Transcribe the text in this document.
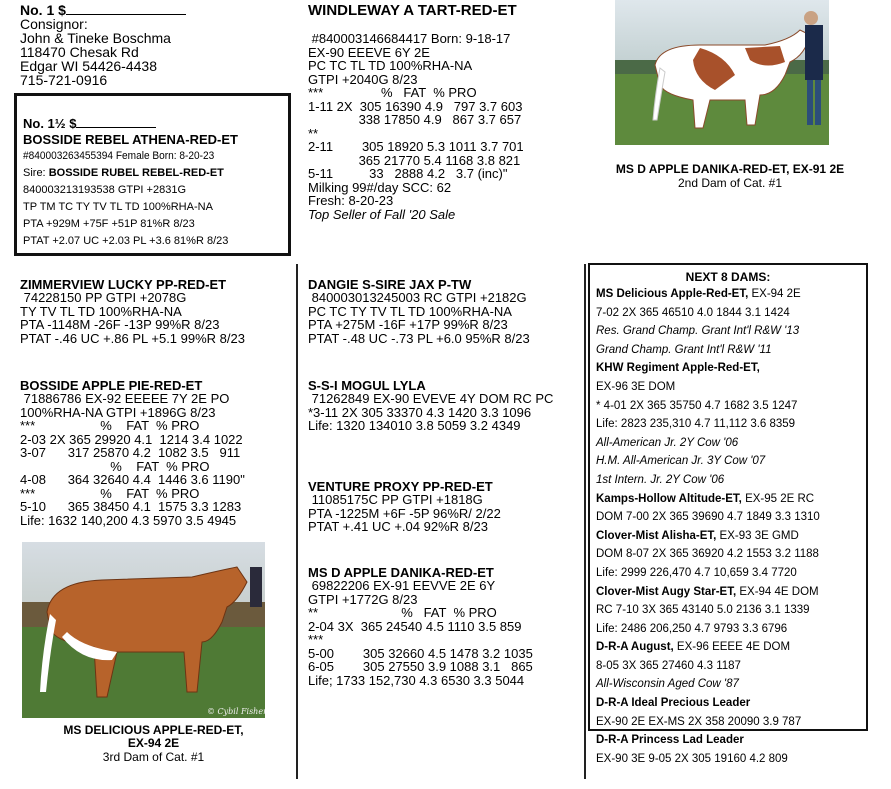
No. 1 $
Consignor:
John & Tineke Boschma
118470 Chesak Rd
Edgar WI 54426-4438
715-721-0916
No. 1½ $
BOSSIDE REBEL ATHENA-RED-ET
#840003263455394 Female Born: 8-20-23
Sire: BOSSIDE RUBEL REBEL-RED-ET
840003213193538 GTPI +2831G
TP TM TC TY TV TL TD 100%RHA-NA
PTA +929M +75F +51P 81%R 8/23
PTAT +2.07 UC +2.03 PL +3.6 81%R 8/23
WINDLEWAY A TART-RED-ET
#840003146684417 Born: 9-18-17
EX-90 EEEVE 6Y 2E
PC TC TL TD 100%RHA-NA
GTPI +2040G 8/23
***                %   FAT  % PRO
1-11 2X  305 16390 4.9   797 3.7 603
338 17850 4.9   867 3.7 657
**
2-11        305 18920 5.3 1011 3.7 701
365 21770 5.4 1168 3.8 821
5-11          33   2888 4.2   3.7 (inc)"
Milking 99#/day SCC: 62
Fresh: 8-20-23
Top Seller of Fall '20 Sale
MS D APPLE DANIKA-RED-ET, EX-91 2E
2nd Dam of Cat. #1
ZIMMERVIEW LUCKY PP-RED-ET
74228150 PP GTPI +2078G
TY TV TL TD 100%RHA-NA
PTA -1148M -26F -13P 99%R 8/23
PTAT -.46 UC +.86 PL +5.1 99%R 8/23
BOSSIDE APPLE PIE-RED-ET
71886786 EX-92 EEEEE 7Y 2E PO
100%RHA-NA GTPI +1896G 8/23
***                  %    FAT  % PRO
2-03 2X 365 29920 4.1  1214 3.4 1022
3-07      317 25870 4.2  1082 3.5   911
%    FAT  % PRO
4-08      364 32640 4.4  1446 3.6 1190"
***                  %    FAT  % PRO
5-10      365 38450 4.1  1575 3.3 1283
Life: 1632 140,200 4.3 5970 3.5 4945
© Cybil Fisher
MS DELICIOUS APPLE-RED-ET,
EX-94 2E
3rd Dam of Cat. #1
DANGIE S-SIRE JAX P-TW
840003013245003 RC GTPI +2182G
PC TC TY TV TL TD 100%RHA-NA
PTA +275M -16F +17P 99%R 8/23
PTAT -.48 UC -.73 PL +6.0 95%R 8/23
S-S-I MOGUL LYLA
71262849 EX-90 EVEVE 4Y DOM RC PC
*3-11 2X 305 33370 4.3 1420 3.3 1096
Life: 1320 134010 3.8 5059 3.2 4349
VENTURE PROXY PP-RED-ET
11085175C PP GTPI +1818G
PTA -1225M +6F -5P 96%R/ 2/22
PTAT +.41 UC +.04 92%R 8/23
MS D APPLE DANIKA-RED-ET
69822206 EX-91 EEVVE 2E 6Y
GTPI +1772G 8/23
**                       %   FAT  % PRO
2-04 3X  365 24540 4.5 1110 3.5 859
***
5-00        305 32660 4.5 1478 3.2 1035
6-05        305 27550 3.9 1088 3.1   865
Life; 1733 152,730 4.3 6530 3.3 5044
NEXT 8 DAMS:
MS Delicious Apple-Red-ET, EX-94 2E
7-02 2X 365 46510 4.0 1844 3.1 1424
Res. Grand Champ. Grant Int'l R&W '13
Grand Champ. Grant Int'l R&W '11
KHW Regiment Apple-Red-ET,
EX-96 3E DOM
* 4-01 2X 365 35750 4.7 1682 3.5 1247
Life: 2823 235,310 4.7 11,112 3.6 8359
All-American Jr. 2Y Cow '06
H.M. All-American Jr. 3Y Cow '07
1st Intern. Jr. 2Y Cow '06
Kamps-Hollow Altitude-ET, EX-95 2E RC
DOM 7-00 2X 365 39690 4.7 1849 3.3 1310
Clover-Mist Alisha-ET, EX-93 3E GMD
DOM 8-07 2X 365 36920 4.2 1553 3.2 1188
Life: 2999 226,470 4.7 10,659 3.4 7720
Clover-Mist Augy Star-ET, EX-94 4E DOM
RC 7-10 3X 365 43140 5.0 2136 3.1 1339
Life: 2486 206,250 4.7 9793 3.3 6796
D-R-A August, EX-96 EEEE 4E DOM
8-05 3X 365 27460 4.3 1187
All-Wisconsin Aged Cow '87
D-R-A Ideal Precious Leader
EX-90 2E EX-MS 2X 358 20090 3.9 787
D-R-A Princess Lad Leader
EX-90 3E 9-05 2X 305 19160 4.2 809
